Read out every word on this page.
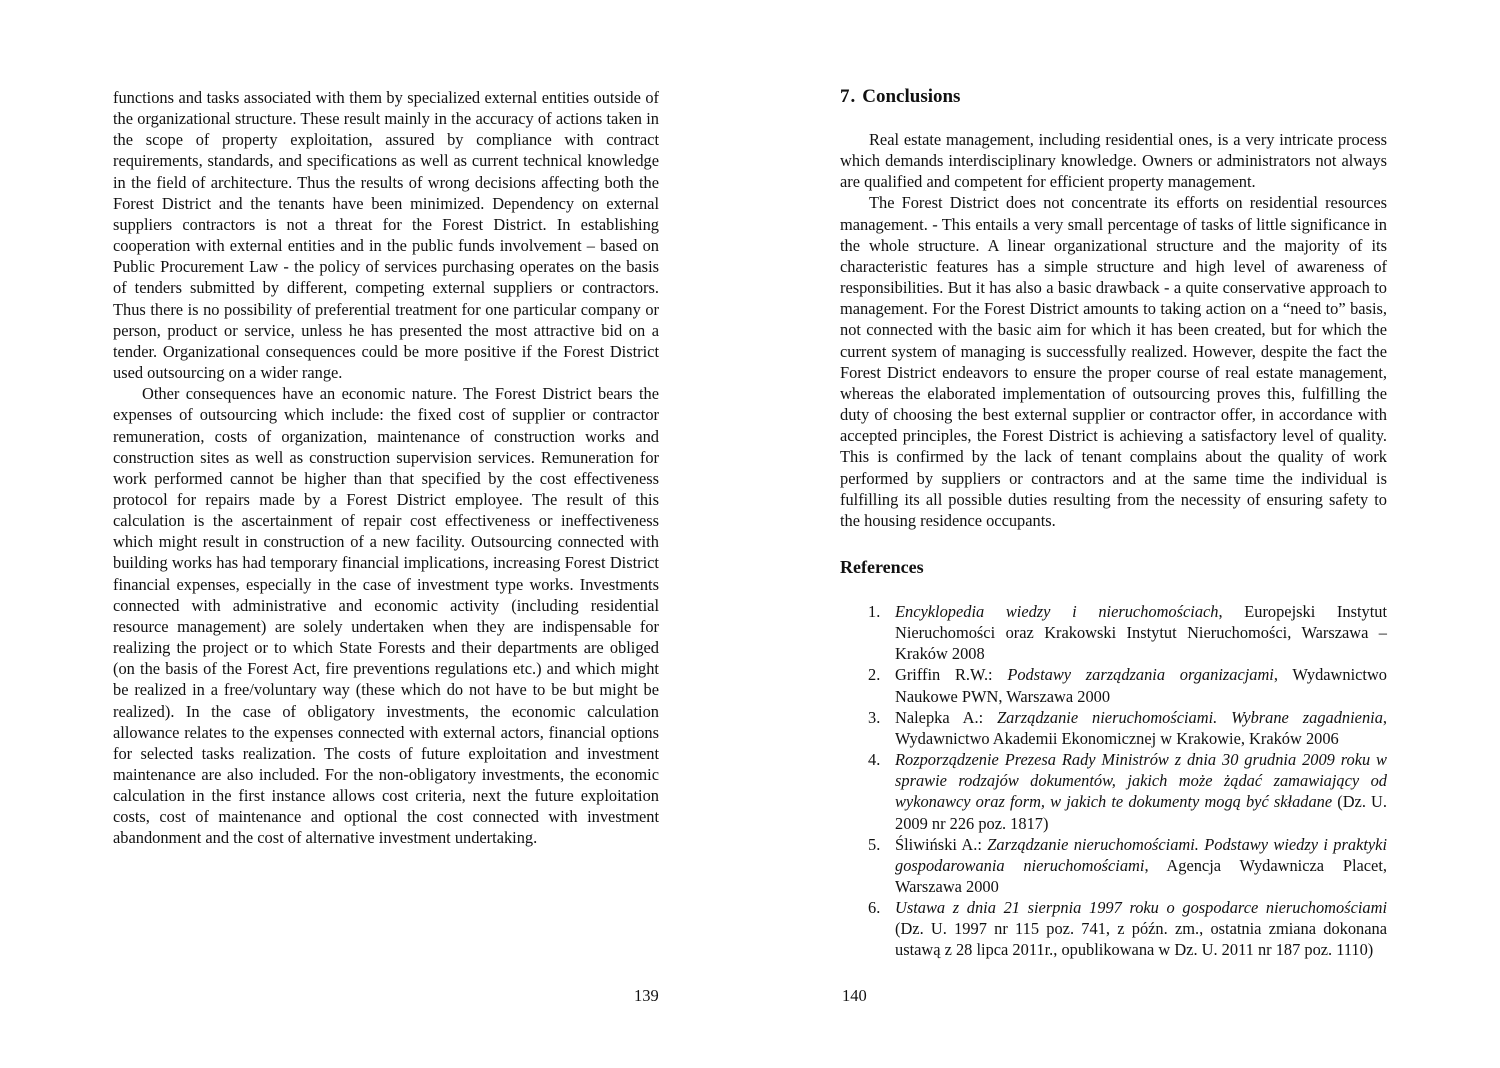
functions and tasks associated with them by specialized external entities outside of the organizational structure. These result mainly in the accuracy of actions taken in the scope of property exploitation, assured by compliance with contract requirements, standards, and specifications as well as current technical knowledge in the field of architecture. Thus the results of wrong decisions affecting both the Forest District and the tenants have been minimized. Dependency on external suppliers contractors is not a threat for the Forest District. In establishing cooperation with external entities and in the public funds involvement – based on Public Procurement Law - the policy of services purchasing operates on the basis of tenders submitted by different, competing external suppliers or contractors. Thus there is no possibility of preferential treatment for one particular company or person, product or service, unless he has presented the most attractive bid on a tender. Organizational consequences could be more positive if the Forest District used outsourcing on a wider range.

Other consequences have an economic nature. The Forest District bears the expenses of outsourcing which include: the fixed cost of supplier or contractor remuneration, costs of organization, maintenance of construction works and construction sites as well as construction supervision services. Remuneration for work performed cannot be higher than that specified by the cost effectiveness protocol for repairs made by a Forest District employee. The result of this calculation is the ascertainment of repair cost effectiveness or ineffectiveness which might result in construction of a new facility. Outsourcing connected with building works has had temporary financial implications, increasing Forest District financial expenses, especially in the case of investment type works. Investments connected with administrative and economic activity (including residential resource management) are solely undertaken when they are indispensable for realizing the project or to which State Forests and their departments are obliged (on the basis of the Forest Act, fire preventions regulations etc.) and which might be realized in a free/voluntary way (these which do not have to be but might be realized). In the case of obligatory investments, the economic calculation allowance relates to the expenses connected with external actors, financial options for selected tasks realization. The costs of future exploitation and investment maintenance are also included. For the non-obligatory investments, the economic calculation in the first instance allows cost criteria, next the future exploitation costs, cost of maintenance and optional the cost connected with investment abandonment and the cost of alternative investment undertaking.

139
7. Conclusions

Real estate management, including residential ones, is a very intricate process which demands interdisciplinary knowledge. Owners or administrators not always are qualified and competent for efficient property management.

The Forest District does not concentrate its efforts on residential resources management. - This entails a very small percentage of tasks of little significance in the whole structure. A linear organizational structure and the majority of its characteristic features has a simple structure and high level of awareness of responsibilities. But it has also a basic drawback - a quite conservative approach to management. For the Forest District amounts to taking action on a “need to” basis, not connected with the basic aim for which it has been created, but for which the current system of managing is successfully realized. However, despite the fact the Forest District endeavors to ensure the proper course of real estate management, whereas the elaborated implementation of outsourcing proves this, fulfilling the duty of choosing the best external supplier or contractor offer, in accordance with accepted principles, the Forest District is achieving a satisfactory level of quality. This is confirmed by the lack of tenant complains about the quality of work performed by suppliers or contractors and at the same time the individual is fulfilling its all possible duties resulting from the necessity of ensuring safety to the housing residence occupants.

References
1. Encyklopedia wiedzy i nieruchomościach, Europejski Instytut Nieruchomości oraz Krakowski Instytut Nieruchomości, Warszawa – Kraków 2008
2. Griffin R.W.: Podstawy zarządzania organizacjami, Wydawnictwo Naukowe PWN, Warszawa 2000
3. Nalepka A.: Zarządzanie nieruchomościami. Wybrane zagadnienia, Wydawnictwo Akademii Ekonomicznej w Krakowie, Kraków 2006
4. Rozporządzenie Prezesa Rady Ministrów z dnia 30 grudnia 2009 roku w sprawie rodzajów dokumentów, jakich może żądać zamawiający od wykonawcy oraz form, w jakich te dokumenty mogą być składane (Dz. U. 2009 nr 226 poz. 1817)
5. Śliwiński A.: Zarządzanie nieruchomościami. Podstawy wiedzy i praktyki gospodarowania nieruchomościami, Agencja Wydawnicza Placet, Warszawa 2000
6. Ustawa z dnia 21 sierpnia 1997 roku o gospodarce nieruchomościami (Dz. U. 1997 nr 115 poz. 741, z późn. zm., ostatnia zmiana dokonana ustawą z 28 lipca 2011r., opublikowana w Dz. U. 2011 nr 187 poz. 1110)
140
